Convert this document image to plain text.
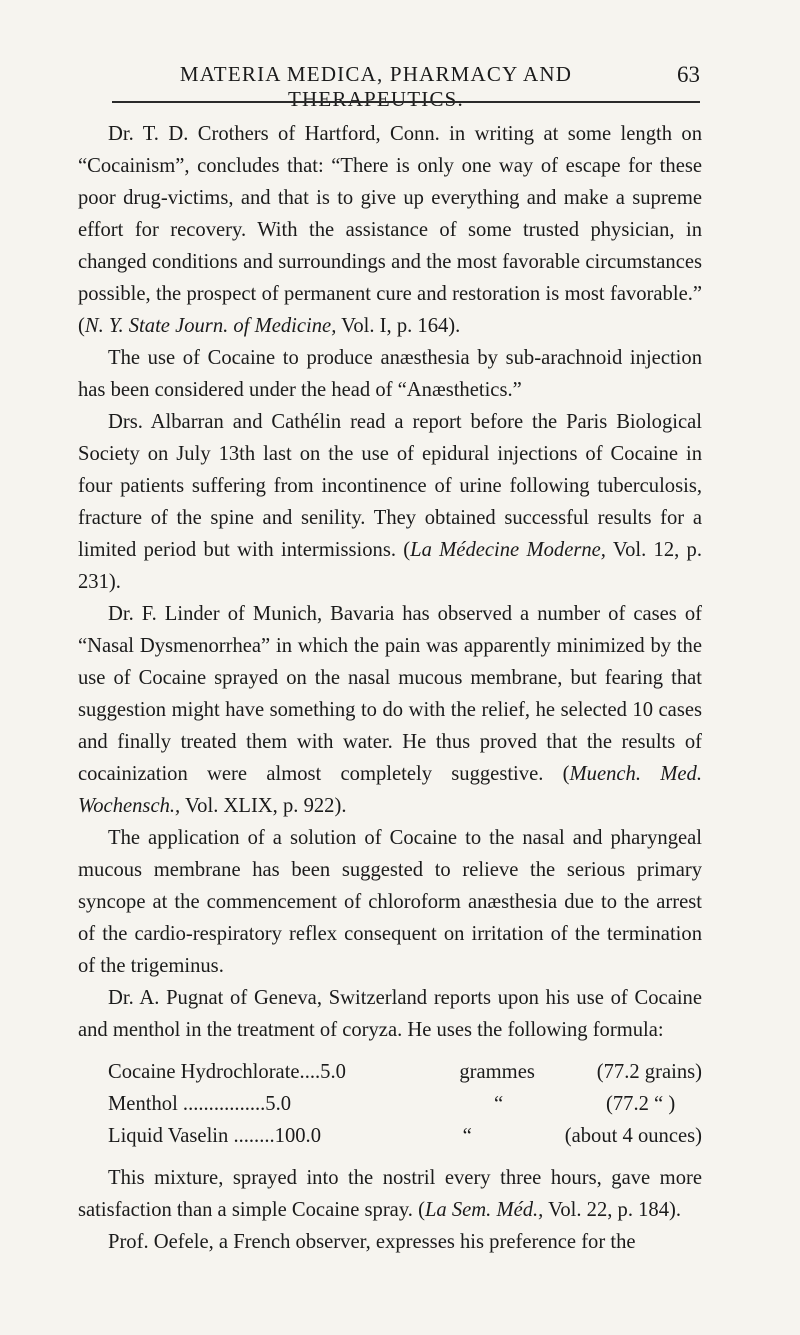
MATERIA MEDICA, PHARMACY AND THERAPEUTICS.
63

Dr. T. D. Crothers of Hartford, Conn. in writing at some length on “Cocainism”, concludes that: “There is only one way of escape for these poor drug-victims, and that is to give up everything and make a supreme effort for recovery. With the assistance of some trusted physician, in changed conditions and surroundings and the most favorable circumstances possible, the prospect of permanent cure and restoration is most favorable.” (N. Y. State Journ. of Medicine, Vol. I, p. 164).

The use of Cocaine to produce anæsthesia by sub-arachnoid injection has been considered under the head of “Anæsthetics.”

Drs. Albarran and Cathélin read a report before the Paris Biological Society on July 13th last on the use of epidural injections of Cocaine in four patients suffering from incontinence of urine following tuberculosis, fracture of the spine and senility. They obtained successful results for a limited period but with intermissions. (La Médecine Moderne, Vol. 12, p. 231).

Dr. F. Linder of Munich, Bavaria has observed a number of cases of “Nasal Dysmenorrhea” in which the pain was apparently minimized by the use of Cocaine sprayed on the nasal mucous membrane, but fearing that suggestion might have something to do with the relief, he selected 10 cases and finally treated them with water. He thus proved that the results of cocainization were almost completely suggestive. (Muench. Med. Wochensch., Vol. XLIX, p. 922).

The application of a solution of Cocaine to the nasal and pharyngeal mucous membrane has been suggested to relieve the serious primary syncope at the commencement of chloroform anæsthesia due to the arrest of the cardio-respiratory reflex consequent on irritation of the termination of the trigeminus.

Dr. A. Pugnat of Geneva, Switzerland reports upon his use of Cocaine and menthol in the treatment of coryza. He uses the following formula:

Cocaine Hydrochlorate....5.0	grammes	(77.2 grains)
Menthol ................5.0	“	(77.2 “ )
Liquid Vaselin ........100.0	“	(about 4 ounces)

This mixture, sprayed into the nostril every three hours, gave more satisfaction than a simple Cocaine spray. (La Sem. Méd., Vol. 22, p. 184).

Prof. Oefele, a French observer, expresses his preference for the
